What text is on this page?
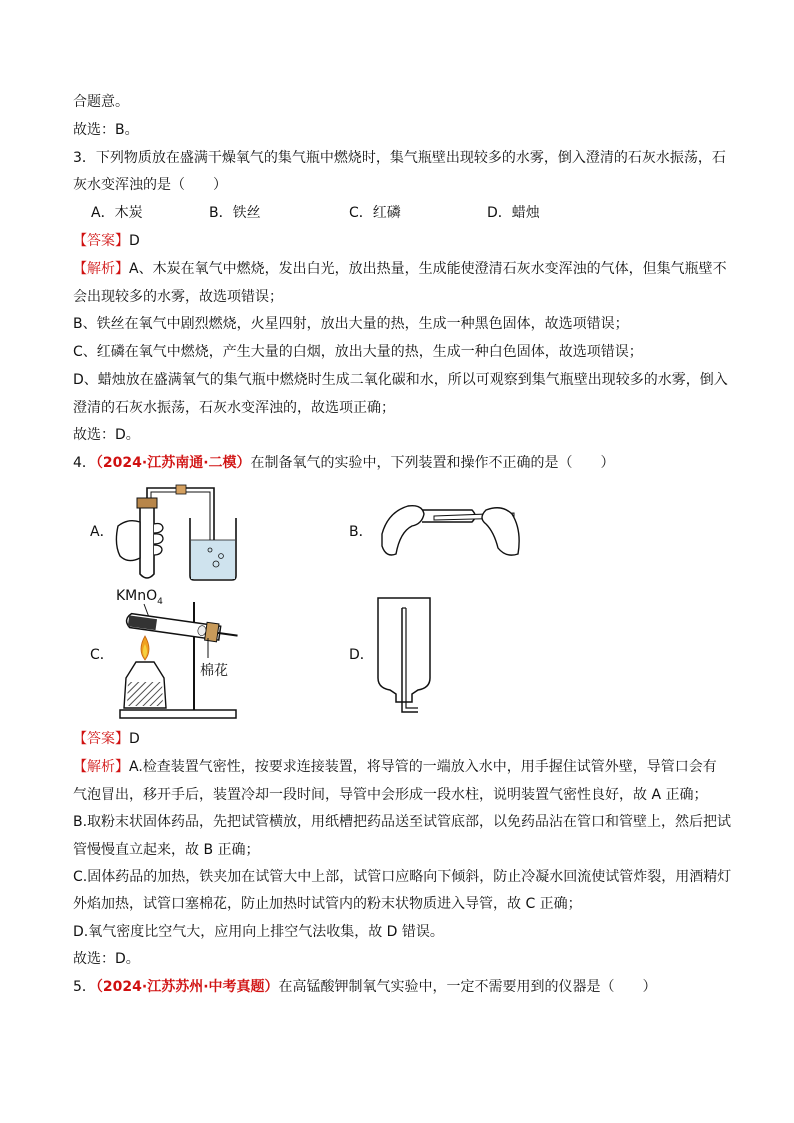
合题意。
故选：B。
3．下列物质放在盛满干燥氧气的集气瓶中燃烧时，集气瓶壁出现较多的水雾，倒入澄清的石灰水振荡，石
灰水变浑浊的是（　　）
A．木炭	B．铁丝	C．红磷	D．蜡烛
【答案】D
【解析】A、木炭在氧气中燃烧，发出白光，放出热量，生成能使澄清石灰水变浑浊的气体，但集气瓶壁不
会出现较多的水雾，故选项错误；
B、铁丝在氧气中剧烈燃烧，火星四射，放出大量的热，生成一种黑色固体，故选项错误；
C、红磷在氧气中燃烧，产生大量的白烟，放出大量的热，生成一种白色固体，故选项错误；
D、蜡烛放在盛满氧气的集气瓶中燃烧时生成二氧化碳和水，所以可观察到集气瓶壁出现较多的水雾，倒入
澄清的石灰水振荡，石灰水变浑浊的，故选项正确；
故选：D。
4．（2024·江苏南通·二模）在制备氧气的实验中，下列装置和操作不正确的是（　　）
A．	B．
C．
KMnO$_4$
棉花
D．
【答案】D
【解析】A.检查装置气密性，按要求连接装置，将导管的一端放入水中，用手握住试管外壁，导管口会有
气泡冒出，移开手后，装置冷却一段时间，导管中会形成一段水柱，说明装置气密性良好，故 A 正确；
B.取粉末状固体药品，先把试管横放，用纸槽把药品送至试管底部，以免药品沾在管口和管壁上，然后把试
管慢慢直立起来，故 B 正确；
C.固体药品的加热，铁夹加在试管大中上部，试管口应略向下倾斜，防止冷凝水回流使试管炸裂，用酒精灯
外焰加热，试管口塞棉花，防止加热时试管内的粉末状物质进入导管，故 C 正确；
D.氧气密度比空气大，应用向上排空气法收集，故 D 错误。
故选：D。
5．（2024·江苏苏州·中考真题）在高锰酸钾制氧气实验中，一定不需要用到的仪器是（　　）
